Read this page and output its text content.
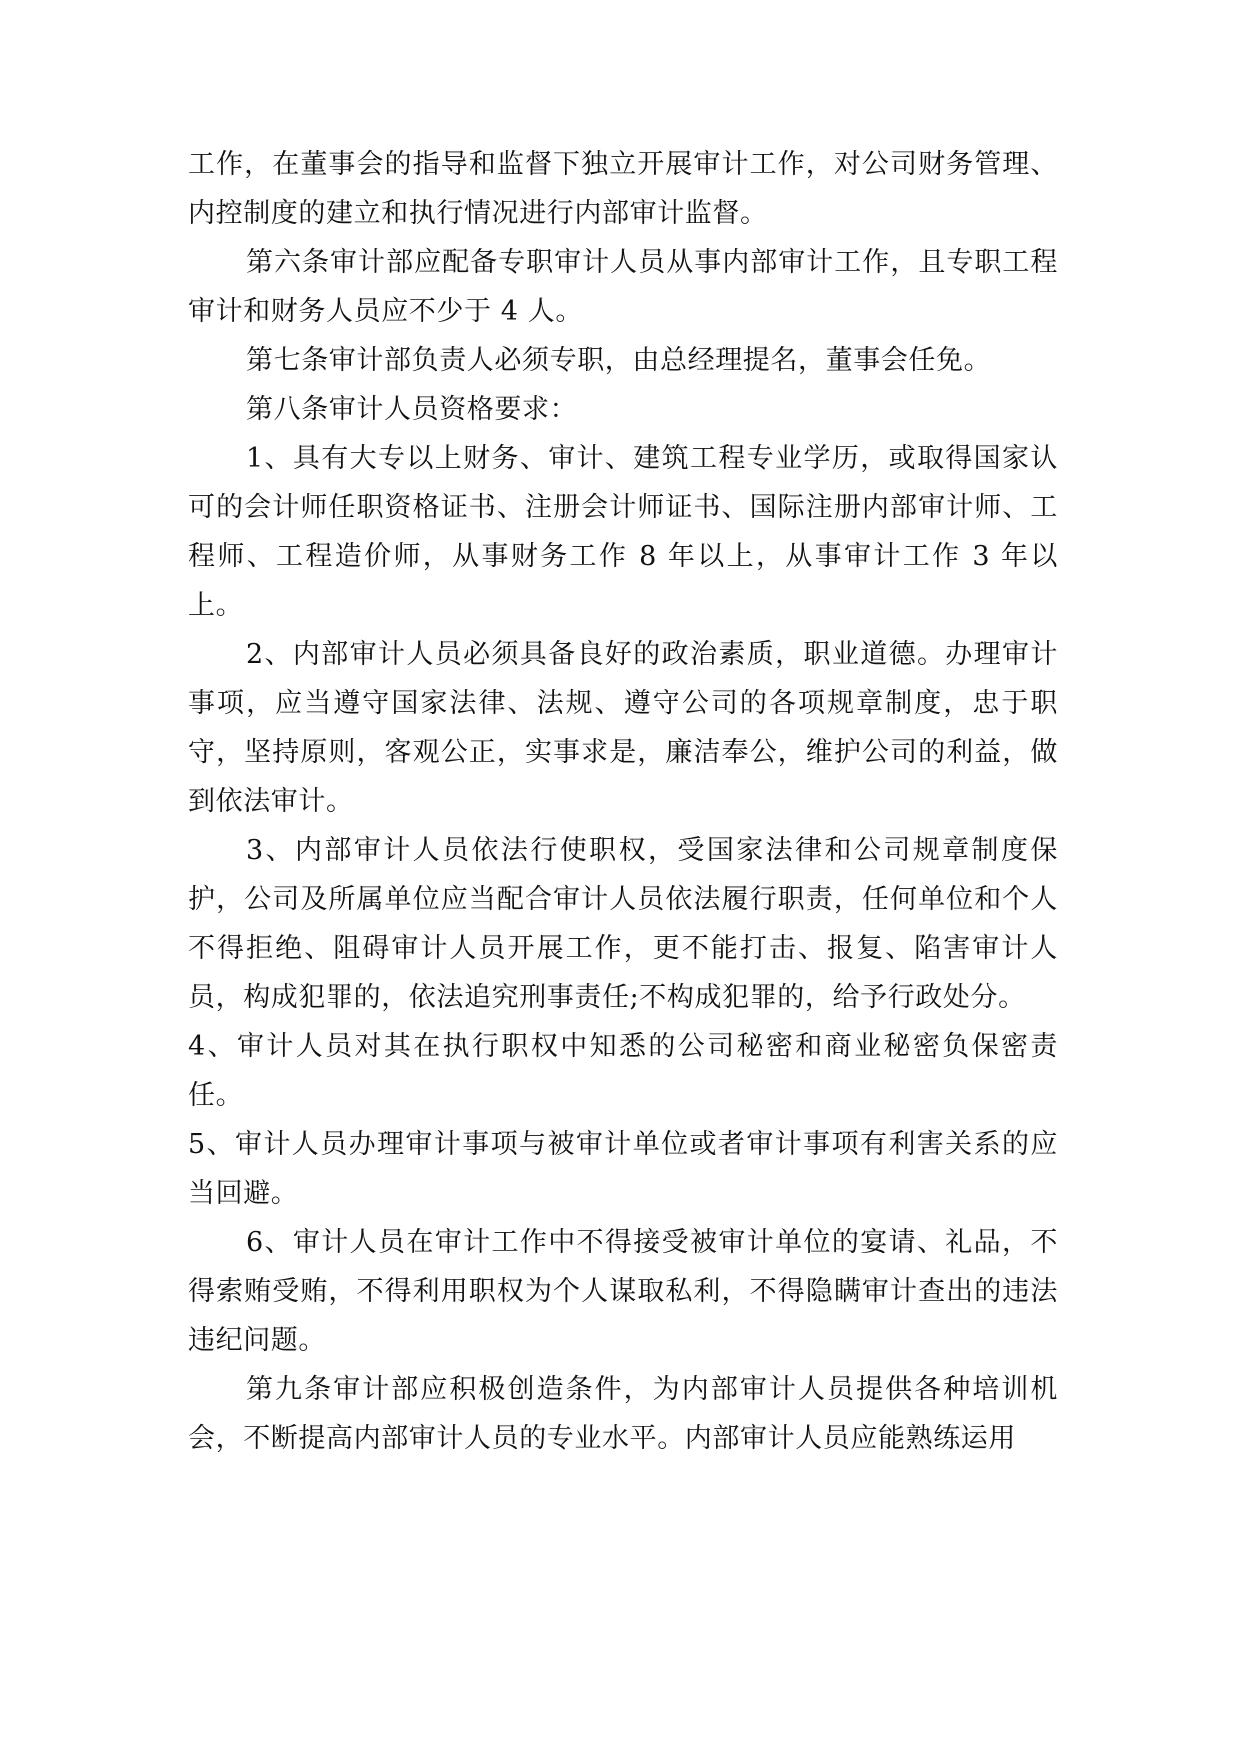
工作，在董事会的指导和监督下独立开展审计工作，对公司财务管理、内控制度的建立和执行情况进行内部审计监督。

第六条审计部应配备专职审计人员从事内部审计工作，且专职工程审计和财务人员应不少于 4 人。

第七条审计部负责人必须专职，由总经理提名，董事会任免。

第八条审计人员资格要求：

1、具有大专以上财务、审计、建筑工程专业学历，或取得国家认可的会计师任职资格证书、注册会计师证书、国际注册内部审计师、工程师、工程造价师，从事财务工作 8 年以上，从事审计工作 3 年以上。

2、内部审计人员必须具备良好的政治素质，职业道德。办理审计事项，应当遵守国家法律、法规、遵守公司的各项规章制度，忠于职守，坚持原则，客观公正，实事求是，廉洁奉公，维护公司的利益，做到依法审计。

3、内部审计人员依法行使职权，受国家法律和公司规章制度保护，公司及所属单位应当配合审计人员依法履行职责，任何单位和个人不得拒绝、阻碍审计人员开展工作，更不能打击、报复、陷害审计人员，构成犯罪的，依法追究刑事责任;不构成犯罪的，给予行政处分。

4、审计人员对其在执行职权中知悉的公司秘密和商业秘密负保密责任。

5、审计人员办理审计事项与被审计单位或者审计事项有利害关系的应当回避。

6、审计人员在审计工作中不得接受被审计单位的宴请、礼品，不得索贿受贿，不得利用职权为个人谋取私利，不得隐瞒审计查出的违法违纪问题。

第九条审计部应积极创造条件，为内部审计人员提供各种培训机会，不断提高内部审计人员的专业水平。内部审计人员应能熟练运用
